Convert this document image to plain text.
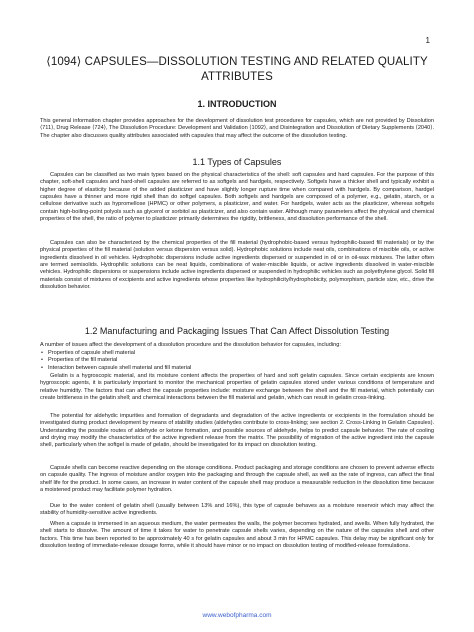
1
⟨1094⟩ CAPSULES—DISSOLUTION TESTING AND RELATED QUALITY ATTRIBUTES
1. INTRODUCTION

This general information chapter provides approaches for the development of dissolution test procedures for capsules, which are not provided by Dissolution ⟨711⟩, Drug Release ⟨724⟩, The Dissolution Procedure: Development and Validation ⟨1092⟩, and Disintegration and Dissolution of Dietary Supplements ⟨2040⟩. The chapter also discusses quality attributes associated with capsules that may affect the outcome of the dissolution testing.

1.1 Types of Capsules

Capsules can be classified as two main types based on the physical characteristics of the shell: soft capsules and hard capsules. For the purpose of this chapter, soft-shell capsules and hard-shell capsules are referred to as softgels and hardgels, respectively. Softgels have a thicker shell and typically exhibit a higher degree of elasticity because of the added plasticizer and have slightly longer rupture time when compared with hardgels. By comparison, hardgel capsules have a thinner and more rigid shell than do softgel capsules. Both softgels and hardgels are composed of a polymer, e.g., gelatin, starch, or a cellulose derivative such as hypromellose (HPMC) or other polymers, a plasticizer, and water. For hardgels, water acts as the plasticizer, whereas softgels contain high-boiling-point polyols such as glycerol or sorbitol as plasticizer, and also contain water. Although many parameters affect the physical and chemical properties of the shell, the ratio of polymer to plasticizer primarily determines the rigidity, brittleness, and dissolution performance of the shell.

Capsules can also be characterized by the chemical properties of the fill material (hydrophobic-based versus hydrophilic-based fill materials) or by the physical properties of the fill material (solution versus dispersion versus solid). Hydrophobic solutions include neat oils, combinations of miscible oils, or active ingredients dissolved in oil vehicles. Hydrophobic dispersions include active ingredients dispersed or suspended in oil or in oil-wax mixtures. The latter often are termed semisolids. Hydrophilic solutions can be neat liquids, combinations of water-miscible liquids, or active ingredients dissolved in water-miscible vehicles. Hydrophilic dispersions or suspensions include active ingredients dispersed or suspended in hydrophilic vehicles such as polyethylene glycol. Solid fill materials consist of mixtures of excipients and active ingredients whose properties like hydrophilicity/hydrophobicity, polymorphism, particle size, etc., drive the dissolution behavior.

1.2 Manufacturing and Packaging Issues That Can Affect Dissolution Testing

A number of issues affect the development of a dissolution procedure and the dissolution behavior for capsules, including:

• Properties of capsule shell material
• Properties of the fill material
• Interaction between capsule shell material and fill material

Gelatin is a hygroscopic material, and its moisture content affects the properties of hard and soft gelatin capsules. Since certain excipients are known hygroscopic agents, it is particularly important to monitor the mechanical properties of gelatin capsules stored under various conditions of temperature and relative humidity. The factors that can affect the capsule properties include: moisture exchange between the shell and the fill material, which potentially can create brittleness in the gelatin shell; and chemical interactions between the fill material and gelatin, which can result in gelatin cross-linking.

The potential for aldehydic impurities and formation of degradants and degradation of the active ingredients or excipients in the formulation should be investigated during product development by means of stability studies (aldehydes contribute to cross-linking; see section 2. Cross-Linking in Gelatin Capsules). Understanding the possible routes of aldehyde or ketone formation, and possible sources of aldehyde, helps to predict capsule behavior. The rate of cooling and drying may modify the characteristics of the active ingredient release from the matrix. The possibility of migration of the active ingredient into the capsule shell, particularly when the softgel is made of gelatin, should be investigated for its impact on dissolution testing.

Capsule shells can become reactive depending on the storage conditions. Product packaging and storage conditions are chosen to prevent adverse effects on capsule quality. The ingress of moisture and/or oxygen into the packaging and through the capsule shell, as well as the rate of ingress, can affect the final shelf life for the product. In some cases, an increase in water content of the capsule shell may produce a measurable reduction in the dissolution time because a moistened product may facilitate polymer hydration.

Due to the water content of gelatin shell (usually between 13% and 16%), this type of capsule behaves as a moisture reservoir which may affect the stability of humidity-sensitive active ingredients.

When a capsule is immersed in an aqueous medium, the water permeates the walls, the polymer becomes hydrated, and swells. When fully hydrated, the shell starts to dissolve. The amount of time it takes for water to penetrate capsule shells varies, depending on the nature of the capsules shell and other factors. This time has been reported to be approximately 40 s for gelatin capsules and about 3 min for HPMC capsules. This delay may be significant only for dissolution testing of immediate-release dosage forms, while it should have minor or no impact on dissolution testing of modified-release formulations.

www.webofpharma.com
